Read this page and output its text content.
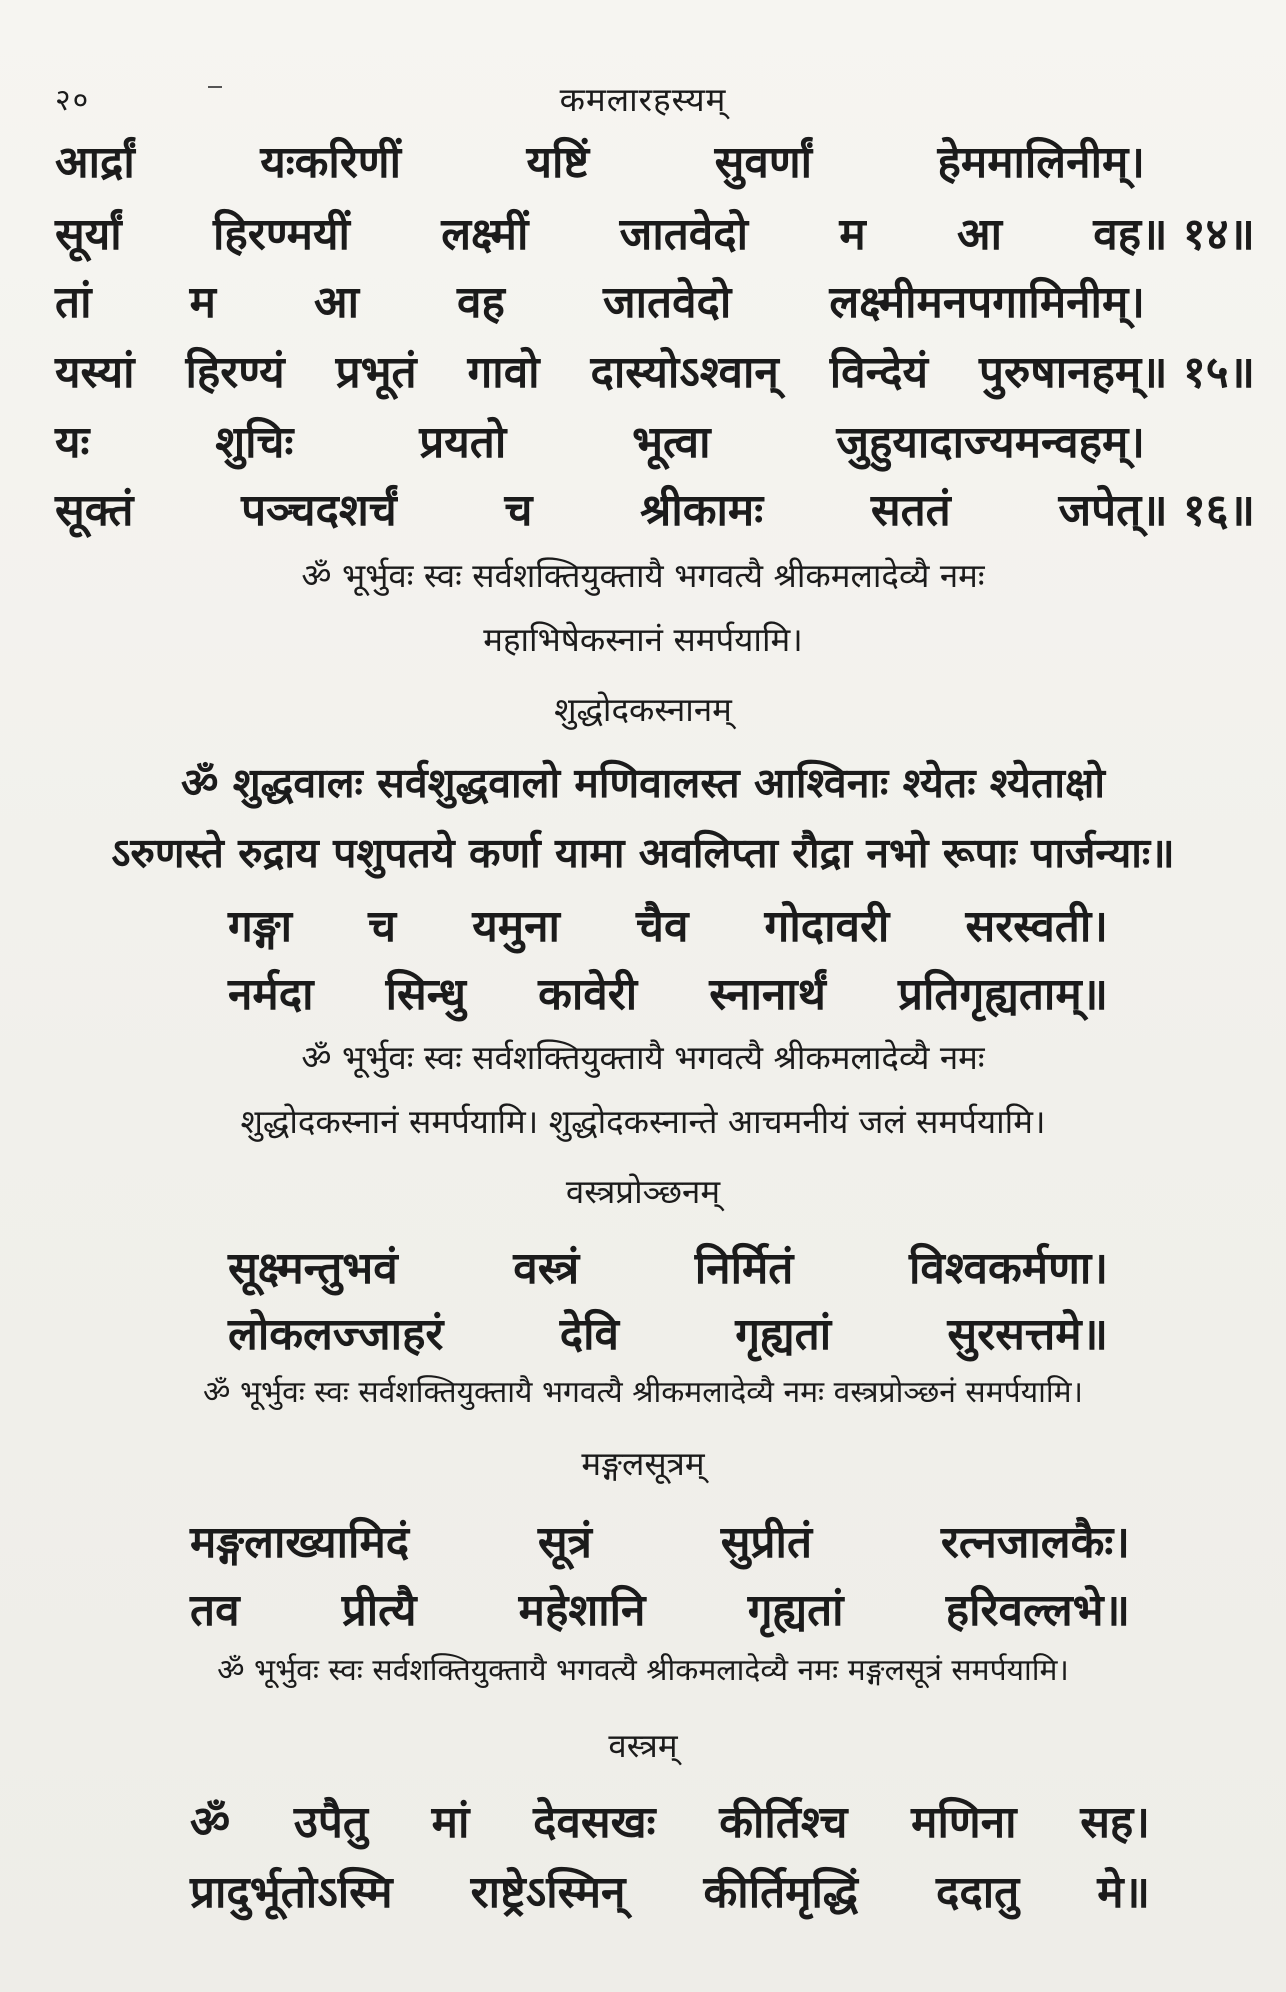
२०	कमलारहस्यम्
आर्द्रां	यःकरिणीं	यष्टिं	सुवर्णां	हेममालिनीम्।
सूर्यां हिरण्मयीं लक्ष्मीं जातवेदो म आ वह॥ १४॥
तां म आ वह जातवेदो लक्ष्मीमनपगामिनीम्।
यस्यां हिरण्यं प्रभूतं गावो दास्योऽश्वान् विन्देयं पुरुषानहम्॥ १५॥
यः	शुचिः	प्रयतो	भूत्वा	जुहुयादाज्यमन्वहम्।
सूक्तं पञ्चदशर्चं च श्रीकामः सततं जपेत्॥ १६॥
ॐ भूर्भुवः स्वः सर्वशक्तियुक्तायै भगवत्यै श्रीकमलादेव्यै नमः
महाभिषेकस्नानं समर्पयामि।
शुद्धोदकस्नानम्
ॐ शुद्धवालः सर्वशुद्धवालो मणिवालस्त आश्विनाः श्येतः श्येताक्षो
ऽरुणस्ते रुद्राय पशुपतये कर्णा यामा अवलिप्ता रौद्रा नभो रूपाः पार्जन्याः॥
गङ्गा च यमुना चैव गोदावरी सरस्वती।
नर्मदा सिन्धु कावेरी स्नानार्थं प्रतिगृह्यताम्॥
ॐ भूर्भुवः स्वः सर्वशक्तियुक्तायै भगवत्यै श्रीकमलादेव्यै नमः
शुद्धोदकस्नानं समर्पयामि। शुद्धोदकस्नान्ते आचमनीयं जलं समर्पयामि।
वस्त्रप्रोञ्छनम्
सूक्ष्मन्तुभवं	वस्त्रं	निर्मितं	विश्वकर्मणा।
लोकलज्जाहरं	देवि	गृह्यतां	सुरसत्तमे॥
ॐ भूर्भुवः स्वः सर्वशक्तियुक्तायै भगवत्यै श्रीकमलादेव्यै नमः वस्त्रप्रोञ्छनं समर्पयामि।
मङ्गलसूत्रम्
मङ्गलाख्यामिदं	सूत्रं	सुप्रीतं	रत्नजालकैः।
तव प्रीत्यै महेशानि गृह्यतां हरिवल्लभे॥
ॐ भूर्भुवः स्वः सर्वशक्तियुक्तायै भगवत्यै श्रीकमलादेव्यै नमः मङ्गलसूत्रं समर्पयामि।
वस्त्रम्
ॐ उपैतु मां देवसखः कीर्तिश्च मणिना सह।
प्रादुर्भूतोऽस्मि राष्ट्रेऽस्मिन् कीर्तिमृद्धिं ददातु मे॥
